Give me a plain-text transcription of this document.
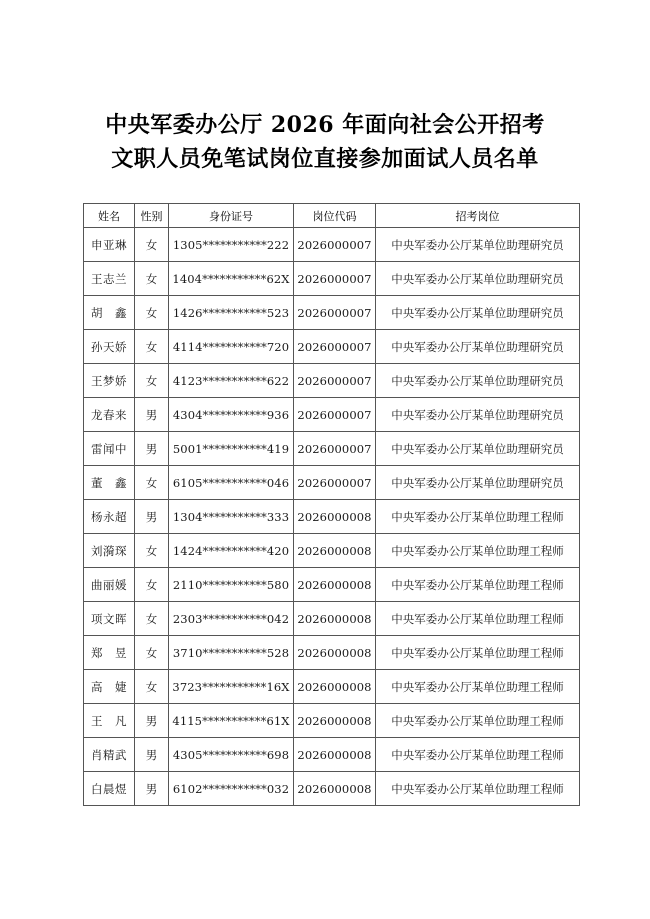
中央军委办公厅 2026 年面向社会公开招考
文职人员免笔试岗位直接参加面试人员名单
姓名	性别	身份证号	岗位代码	招考岗位
申亚琳	女	1305***********222	2026000007	中央军委办公厅某单位助理研究员
王志兰	女	1404***********62X	2026000007	中央军委办公厅某单位助理研究员
胡　鑫	女	1426***********523	2026000007	中央军委办公厅某单位助理研究员
孙天娇	女	4114***********720	2026000007	中央军委办公厅某单位助理研究员
王梦娇	女	4123***********622	2026000007	中央军委办公厅某单位助理研究员
龙春来	男	4304***********936	2026000007	中央军委办公厅某单位助理研究员
雷闻中	男	5001***********419	2026000007	中央军委办公厅某单位助理研究员
董　鑫	女	6105***********046	2026000007	中央军委办公厅某单位助理研究员
杨永超	男	1304***********333	2026000008	中央军委办公厅某单位助理工程师
刘漪琛	女	1424***********420	2026000008	中央军委办公厅某单位助理工程师
曲丽媛	女	2110***********580	2026000008	中央军委办公厅某单位助理工程师
项文晖	女	2303***********042	2026000008	中央军委办公厅某单位助理工程师
郑　昱	女	3710***********528	2026000008	中央军委办公厅某单位助理工程师
高　婕	女	3723***********16X	2026000008	中央军委办公厅某单位助理工程师
王　凡	男	4115***********61X	2026000008	中央军委办公厅某单位助理工程师
肖精武	男	4305***********698	2026000008	中央军委办公厅某单位助理工程师
白晨煜	男	6102***********032	2026000008	中央军委办公厅某单位助理工程师
